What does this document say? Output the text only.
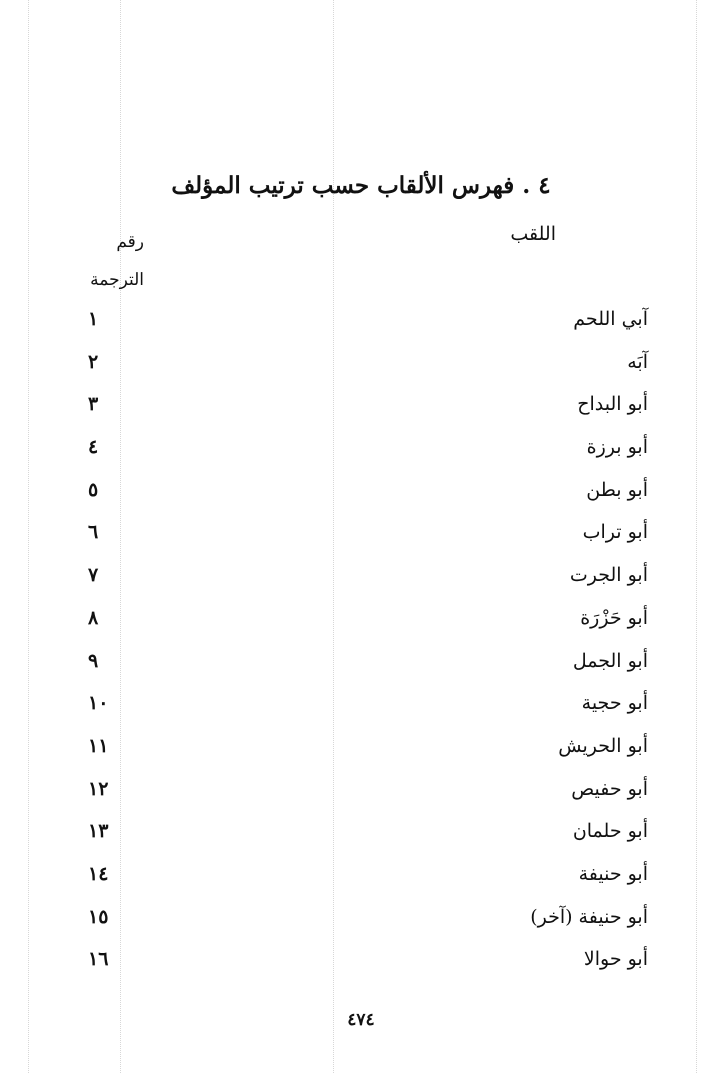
٤ . فهرس الألقاب حسب ترتيب المؤلف
اللقب
رقم
الترجمة
آبي اللحم
١
آبَه
٢
أبو البداح
٣
أبو برزة
٤
أبو بطن
٥
أبو تراب
٦
أبو الجرت
٧
أبو حَزْرَة
٨
أبو الجمل
٩
أبو حجية
١٠
أبو الحريش
١١
أبو حفيص
١٢
أبو حلمان
١٣
أبو حنيفة
١٤
أبو حنيفة (آخر)
١٥
أبو حوالا
١٦
٤٧٤
